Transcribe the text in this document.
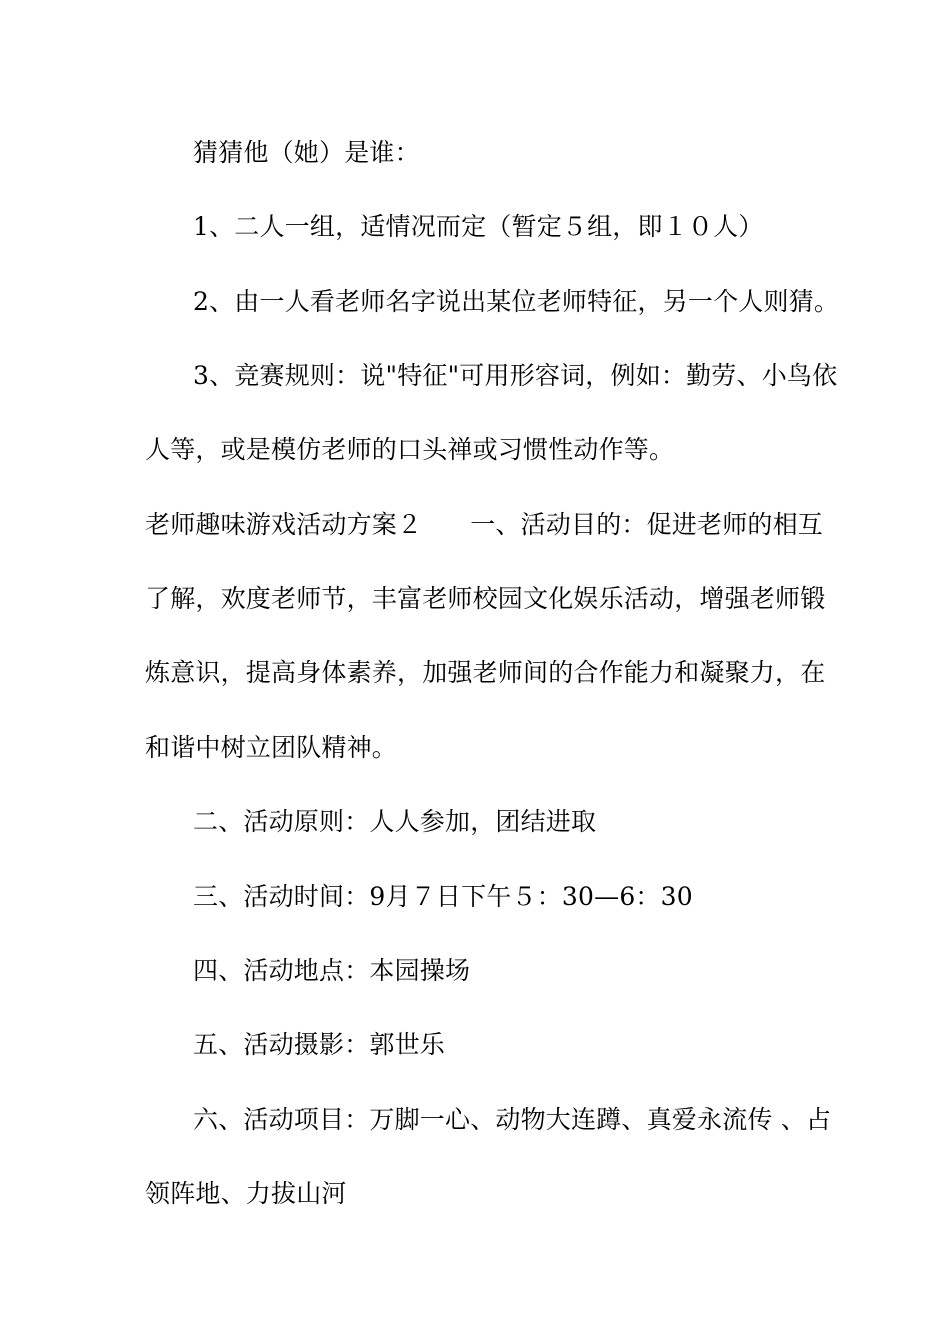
猜猜他（她）是谁：
1、二人一组，适情况而定（暂定５组，即１０人）
2、由一人看老师名字说出某位老师特征，另一个人则猜。
3、竞赛规则：说"特征"可用形容词，例如：勤劳、小鸟依
人等，或是模仿老师的口头禅或习惯性动作等。
老师趣味游戏活动方案２ 一、活动目的：促进老师的相互
了解，欢度老师节，丰富老师校园文化娱乐活动，增强老师锻
炼意识，提高身体素养，加强老师间的合作能力和凝聚力，在
和谐中树立团队精神。
二、活动原则：人人参加，团结进取
三、活动时间：9月７日下午５：30—6：30
四、活动地点：本园操场
五、活动摄影：郭世乐
六、活动项目：万脚一心、动物大连蹲、真爱永流传 、占
领阵地、力拔山河
